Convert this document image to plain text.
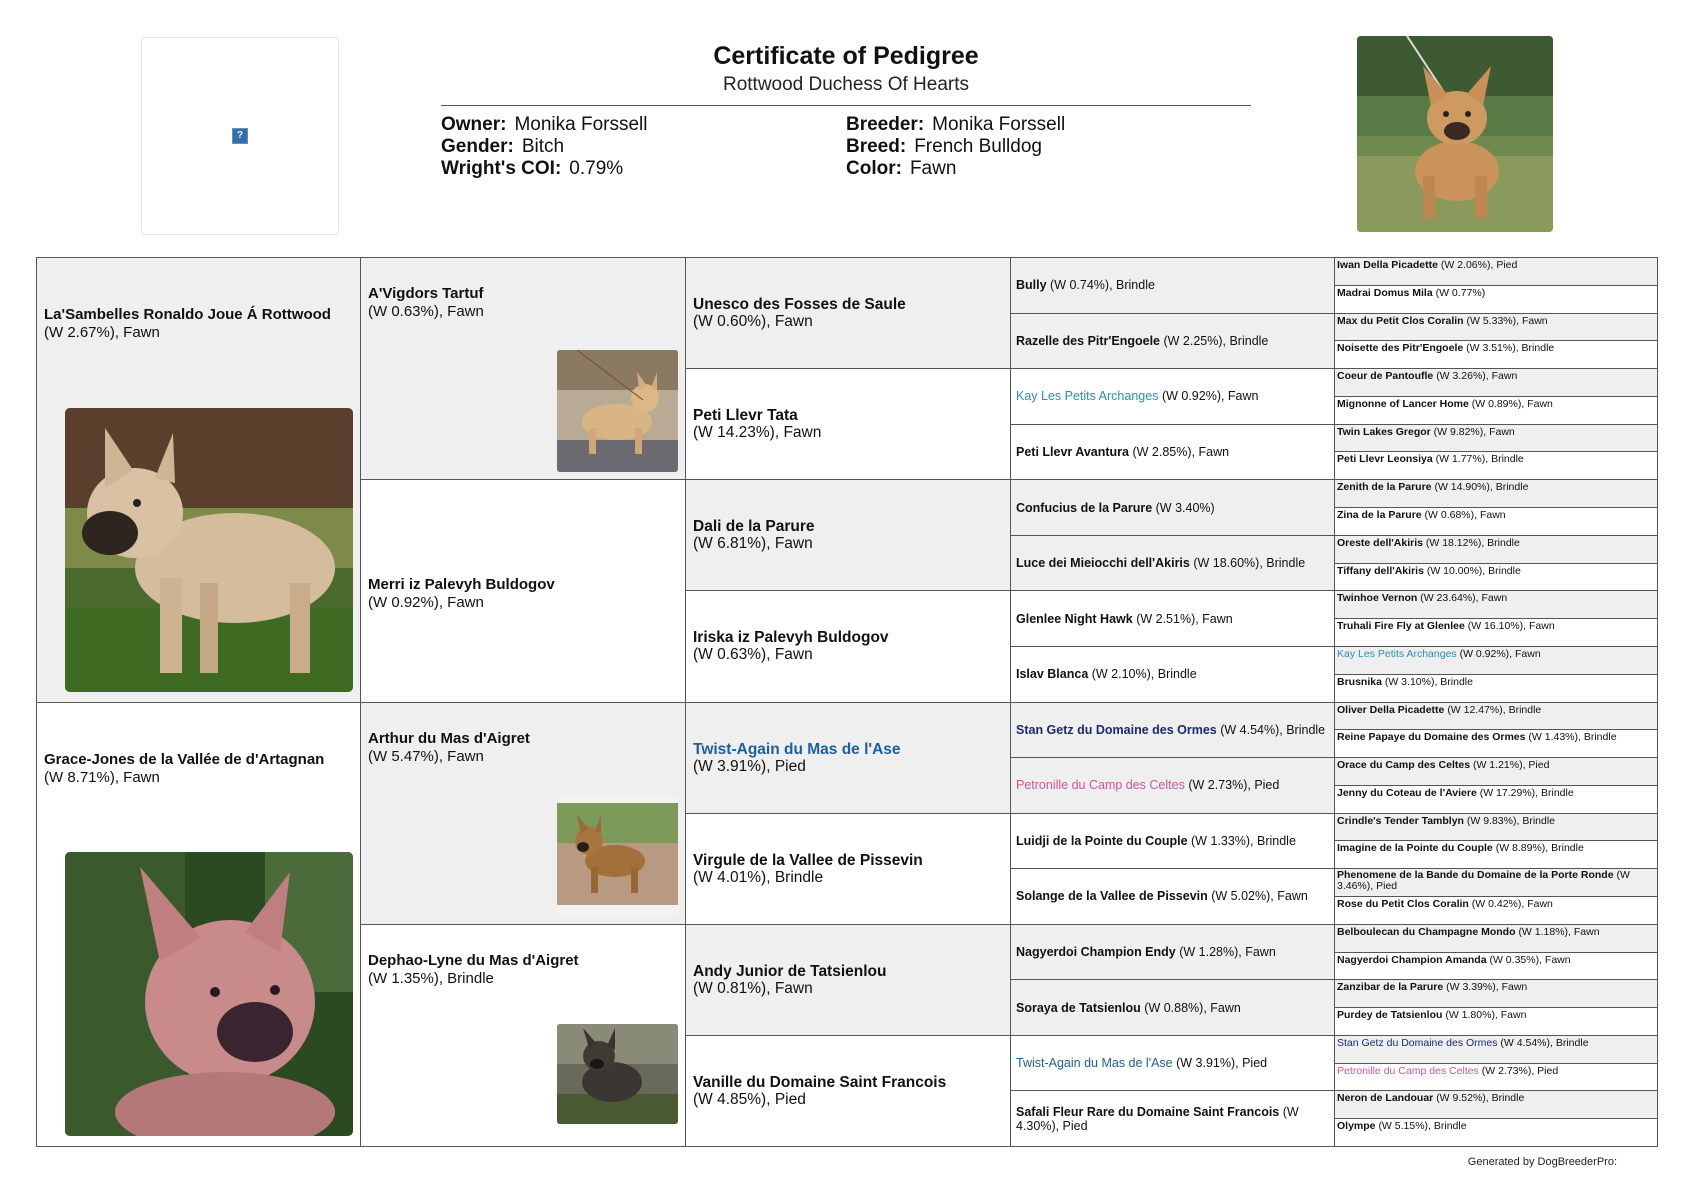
?
Certificate of Pedigree
Rottwood Duchess Of Hearts
Owner: Monika Forssell
Gender: Bitch
Wright's COI: 0.79%
Breeder: Monika Forssell
Breed: French Bulldog
Color: Fawn
La'Sambelles Ronaldo Joue Á Rottwood
(W 2.67%), Fawn
Grace-Jones de la Vallée de d'Artagnan
(W 8.71%), Fawn
A'Vigdors Tartuf
(W 0.63%), Fawn
Merri iz Palevyh Buldogov
(W 0.92%), Fawn
Arthur du Mas d'Aigret
(W 5.47%), Fawn
Dephao-Lyne du Mas d'Aigret
(W 1.35%), Brindle
Unesco des Fosses de Saule
(W 0.60%), Fawn
Peti Llevr Tata
(W 14.23%), Fawn
Dali de la Parure
(W 6.81%), Fawn
Iriska iz Palevyh Buldogov
(W 0.63%), Fawn
Twist-Again du Mas de l'Ase
(W 3.91%), Pied
Virgule de la Vallee de Pissevin
(W 4.01%), Brindle
Andy Junior de Tatsienlou
(W 0.81%), Fawn
Vanille du Domaine Saint Francois
(W 4.85%), Pied
Bully (W 0.74%), Brindle
Razelle des Pitr'Engoele (W 2.25%), Brindle
Kay Les Petits Archanges (W 0.92%), Fawn
Peti Llevr Avantura (W 2.85%), Fawn
Confucius de la Parure (W 3.40%)
Luce dei Mieiocchi dell'Akiris (W 18.60%), Brindle
Glenlee Night Hawk (W 2.51%), Fawn
Islav Blanca (W 2.10%), Brindle
Stan Getz du Domaine des Ormes (W 4.54%), Brindle
Petronille du Camp des Celtes (W 2.73%), Pied
Luidji de la Pointe du Couple (W 1.33%), Brindle
Solange de la Vallee de Pissevin (W 5.02%), Fawn
Nagyerdoi Champion Endy (W 1.28%), Fawn
Soraya de Tatsienlou (W 0.88%), Fawn
Twist-Again du Mas de l'Ase (W 3.91%), Pied
Safali Fleur Rare du Domaine Saint Francois (W 4.30%), Pied
Iwan Della Picadette (W 2.06%), Pied
Madrai Domus Mila (W 0.77%)
Max du Petit Clos Coralin (W 5.33%), Fawn
Noisette des Pitr'Engoele (W 3.51%), Brindle
Coeur de Pantoufle (W 3.26%), Fawn
Mignonne of Lancer Home (W 0.89%), Fawn
Twin Lakes Gregor (W 9.82%), Fawn
Peti Llevr Leonsiya (W 1.77%), Brindle
Zenith de la Parure (W 14.90%), Brindle
Zina de la Parure (W 0.68%), Fawn
Oreste dell'Akiris (W 18.12%), Brindle
Tiffany dell'Akiris (W 10.00%), Brindle
Twinhoe Vernon (W 23.64%), Fawn
Truhali Fire Fly at Glenlee (W 16.10%), Fawn
Kay Les Petits Archanges (W 0.92%), Fawn
Brusnika (W 3.10%), Brindle
Oliver Della Picadette (W 12.47%), Brindle
Reine Papaye du Domaine des Ormes (W 1.43%), Brindle
Orace du Camp des Celtes (W 1.21%), Pied
Jenny du Coteau de l'Aviere (W 17.29%), Brindle
Crindle's Tender Tamblyn (W 9.83%), Brindle
Imagine de la Pointe du Couple (W 8.89%), Brindle
Phenomene de la Bande du Domaine de la Porte Ronde (W 3.46%), Pied
Rose du Petit Clos Coralin (W 0.42%), Fawn
Belboulecan du Champagne Mondo (W 1.18%), Fawn
Nagyerdoi Champion Amanda (W 0.35%), Fawn
Zanzibar de la Parure (W 3.39%), Fawn
Purdey de Tatsienlou (W 1.80%), Fawn
Stan Getz du Domaine des Ormes (W 4.54%), Brindle
Petronille du Camp des Celtes (W 2.73%), Pied
Neron de Landouar (W 9.52%), Brindle
Olympe (W 5.15%), Brindle
Generated by DogBreederPro:
